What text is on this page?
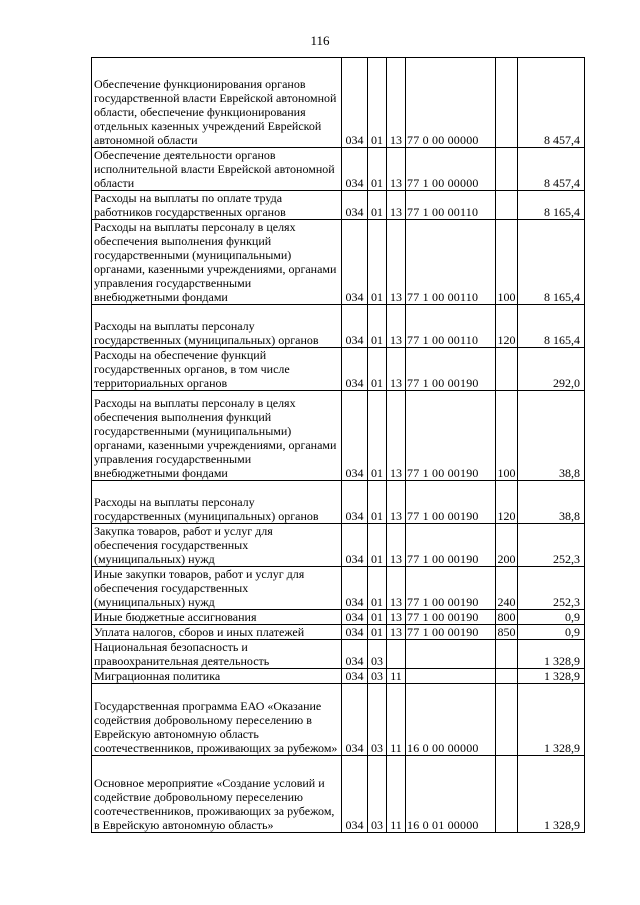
116
Обеспечение функционирования органов государственной власти Еврейской автономной области, обеспечение функционирования отдельных казенных учреждений Еврейской автономной области	034	01	13	77 0 00 00000		8 457,4
Обеспечение деятельности органов исполнительной власти Еврейской автономной области	034	01	13	77 1 00 00000		8 457,4
Расходы на выплаты по оплате труда работников государственных органов	034	01	13	77 1 00 00110		8 165,4
Расходы на выплаты персоналу в целях обеспечения выполнения функций государственными (муниципальными) органами, казенными учреждениями, органами управления государственными внебюджетными фондами	034	01	13	77 1 00 00110	100	8 165,4
Расходы на выплаты персоналу государственных (муниципальных) органов	034	01	13	77 1 00 00110	120	8 165,4
Расходы на обеспечение функций государственных органов, в том числе территориальных органов	034	01	13	77 1 00 00190		292,0
Расходы на выплаты персоналу в целях обеспечения выполнения функций государственными (муниципальными) органами, казенными учреждениями, органами управления государственными внебюджетными фондами	034	01	13	77 1 00 00190	100	38,8
Расходы на выплаты персоналу государственных (муниципальных) органов	034	01	13	77 1 00 00190	120	38,8
Закупка товаров, работ и услуг для обеспечения государственных (муниципальных) нужд	034	01	13	77 1 00 00190	200	252,3
Иные закупки товаров, работ и услуг для обеспечения государственных (муниципальных) нужд	034	01	13	77 1 00 00190	240	252,3
Иные бюджетные ассигнования	034	01	13	77 1 00 00190	800	0,9
Уплата налогов, сборов и иных платежей	034	01	13	77 1 00 00190	850	0,9
Национальная безопасность и правоохранительная деятельность	034	03				1 328,9
Миграционная политика	034	03	11			1 328,9
Государственная программа ЕАО «Оказание содействия добровольному переселению в Еврейскую автономную область соотечественников, проживающих за рубежом»	034	03	11	16 0 00 00000		1 328,9
Основное мероприятие «Создание условий и содействие добровольному переселению соотечественников, проживающих за рубежом, в Еврейскую автономную область»	034	03	11	16 0 01 00000		1 328,9
